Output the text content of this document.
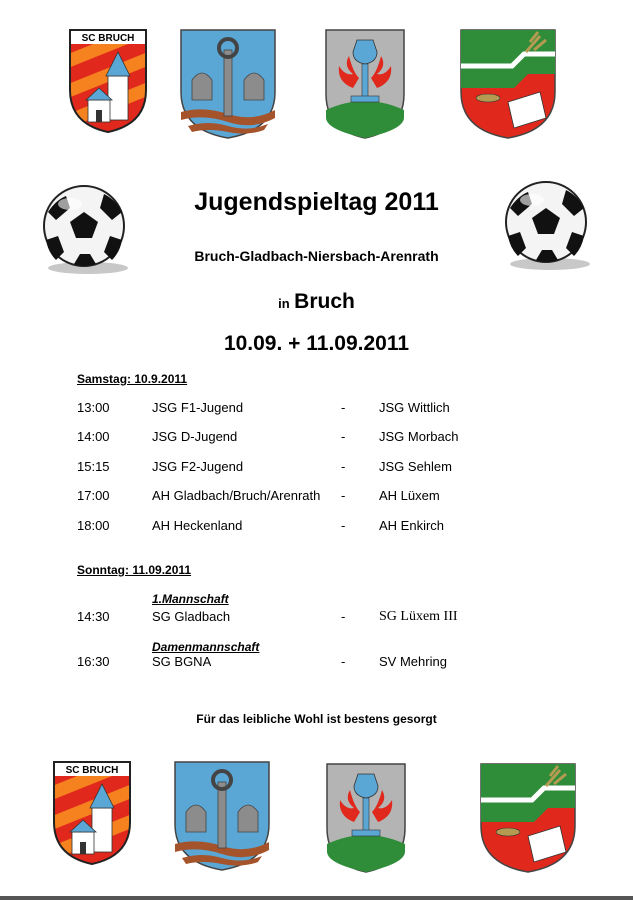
SC BRUCH
Jugendspieltag 2011
Bruch-Gladbach-Niersbach-Arenrath
in Bruch
10.09. + 11.09.2011
Samstag: 10.9.2011
13:00	JSG F1-Jugend	-	JSG Wittlich
14:00	JSG D-Jugend	-	JSG Morbach
15:15	JSG F2-Jugend	-	JSG Sehlem
17:00	AH Gladbach/Bruch/Arenrath -	AH Lüxem
18:00	AH Heckenland	-	AH Enkirch
Sonntag: 11.09.2011
1.Mannschaft
14:30	SG Gladbach	- SG Lüxem III
Damenmannschaft
16:30	SG BGNA	-	SV Mehring
Für das leibliche Wohl ist bestens gesorgt
SC BRUCH
